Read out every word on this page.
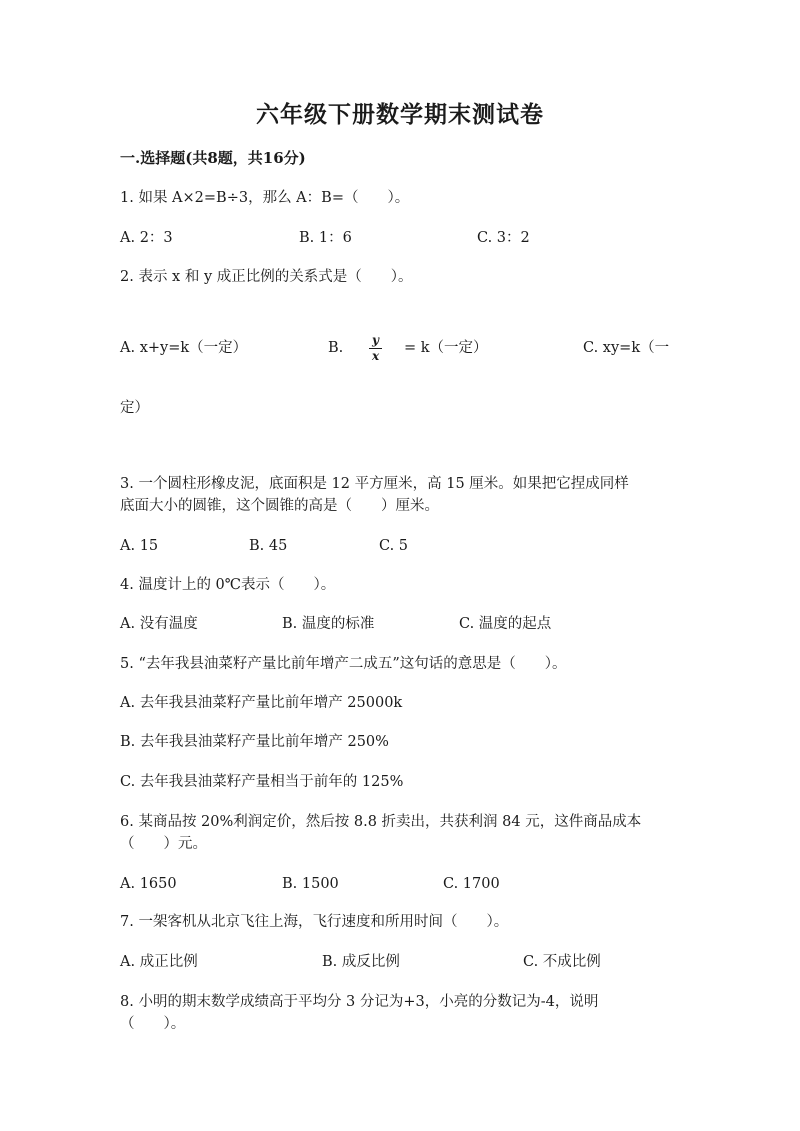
六年级下册数学期末测试卷
一.选择题(共8题，共16分)
1. 如果 A×2=B÷3，那么 A：B=（　　）。
A. 2：3	B. 1：6	C. 3：2
2. 表示 x 和 y 成正比例的关系式是（　　）。
A. x+y=k（一定）	B. y
x = k（一定）	C. xy=k（一
定）
3. 一个圆柱形橡皮泥，底面积是 12 平方厘米，高 15 厘米。如果把它捏成同样
底面大小的圆锥，这个圆锥的高是（　　）厘米。
A. 15	B. 45	C. 5
4. 温度计上的 0℃表示（　　）。
A. 没有温度	B. 温度的标准	C. 温度的起点
5. “去年我县油菜籽产量比前年增产二成五”这句话的意思是（　　）。
A. 去年我县油菜籽产量比前年增产 25000k
B. 去年我县油菜籽产量比前年增产 250%
C. 去年我县油菜籽产量相当于前年的 125%
6. 某商品按 20%利润定价，然后按 8.8 折卖出，共获利润 84 元，这件商品成本
（　　）元。
A. 1650	B. 1500	C. 1700
7. 一架客机从北京飞往上海，飞行速度和所用时间（　　）。
A. 成正比例	B. 成反比例	C. 不成比例
8. 小明的期末数学成绩高于平均分 3 分记为+3，小亮的分数记为-4，说明
（　　）。
